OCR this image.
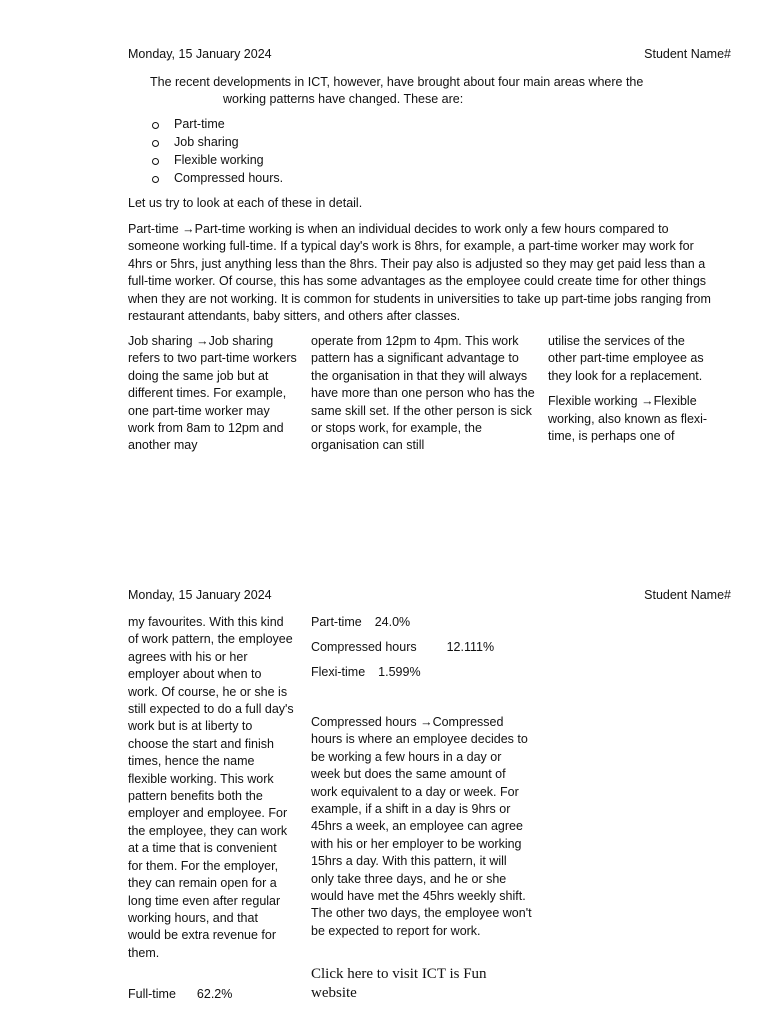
Monday, 15 January 2024	Student Name#
The recent developments in ICT, however, have brought about four main areas where the
working patterns have changed. These are:
Part-time
Job sharing
Flexible working
Compressed hours.
Let us try to look at each of these in detail.
Part-time →Part-time working is when an individual decides to work only a few hours compared to someone working full-time. If a typical day's work is 8hrs, for example, a part-time worker may work for 4hrs or 5hrs, just anything less than the 8hrs. Their pay also is adjusted so they may get paid less than a full-time worker. Of course, this has some advantages as the employee could create time for other things when they are not working. It is common for students in universities to take up part-time jobs ranging from restaurant attendants, baby sitters, and others after classes.

Job sharing →Job sharing refers to two part-time workers doing the same job but at different times. For example, one part-time worker may work from 8am to 12pm and another may

operate from 12pm to 4pm. This work pattern has a significant advantage to the organisation in that they will always have more than one person who has the same skill set. If the other person is sick or stops work, for example, the organisation can still

utilise the services of the other part-time employee as they look for a replacement.

Flexible working →Flexible working, also known as flexi-time, is perhaps one of

Monday, 15 January 2024	Student Name#
my favourites. With this kind of work pattern, the employee agrees with his or her employer about when to work. Of course, he or she is still expected to do a full day's work but is at liberty to choose the start and finish times, hence the name flexible working. This work pattern benefits both the employer and employee. For the employee, they can work at a time that is convenient for them. For the employer, they can remain open for a long time even after regular working hours, and that would be extra revenue for them.
Full-time 62.2%
Part-time 24.0%
Compressed hours 12.111%
Flexi-time 1.599%
Compressed hours →Compressed hours is where an employee decides to be working a few hours in a day or week but does the same amount of work equivalent to a day or week. For example, if a shift in a day is 9hrs or 45hrs a week, an employee can agree with his or her employer to be working 15hrs a day. With this pattern, it will only take three days, and he or she would have met the 45hrs weekly shift. The other two days, the employee won't be expected to report for work.
Click here to visit ICT is Fun website
